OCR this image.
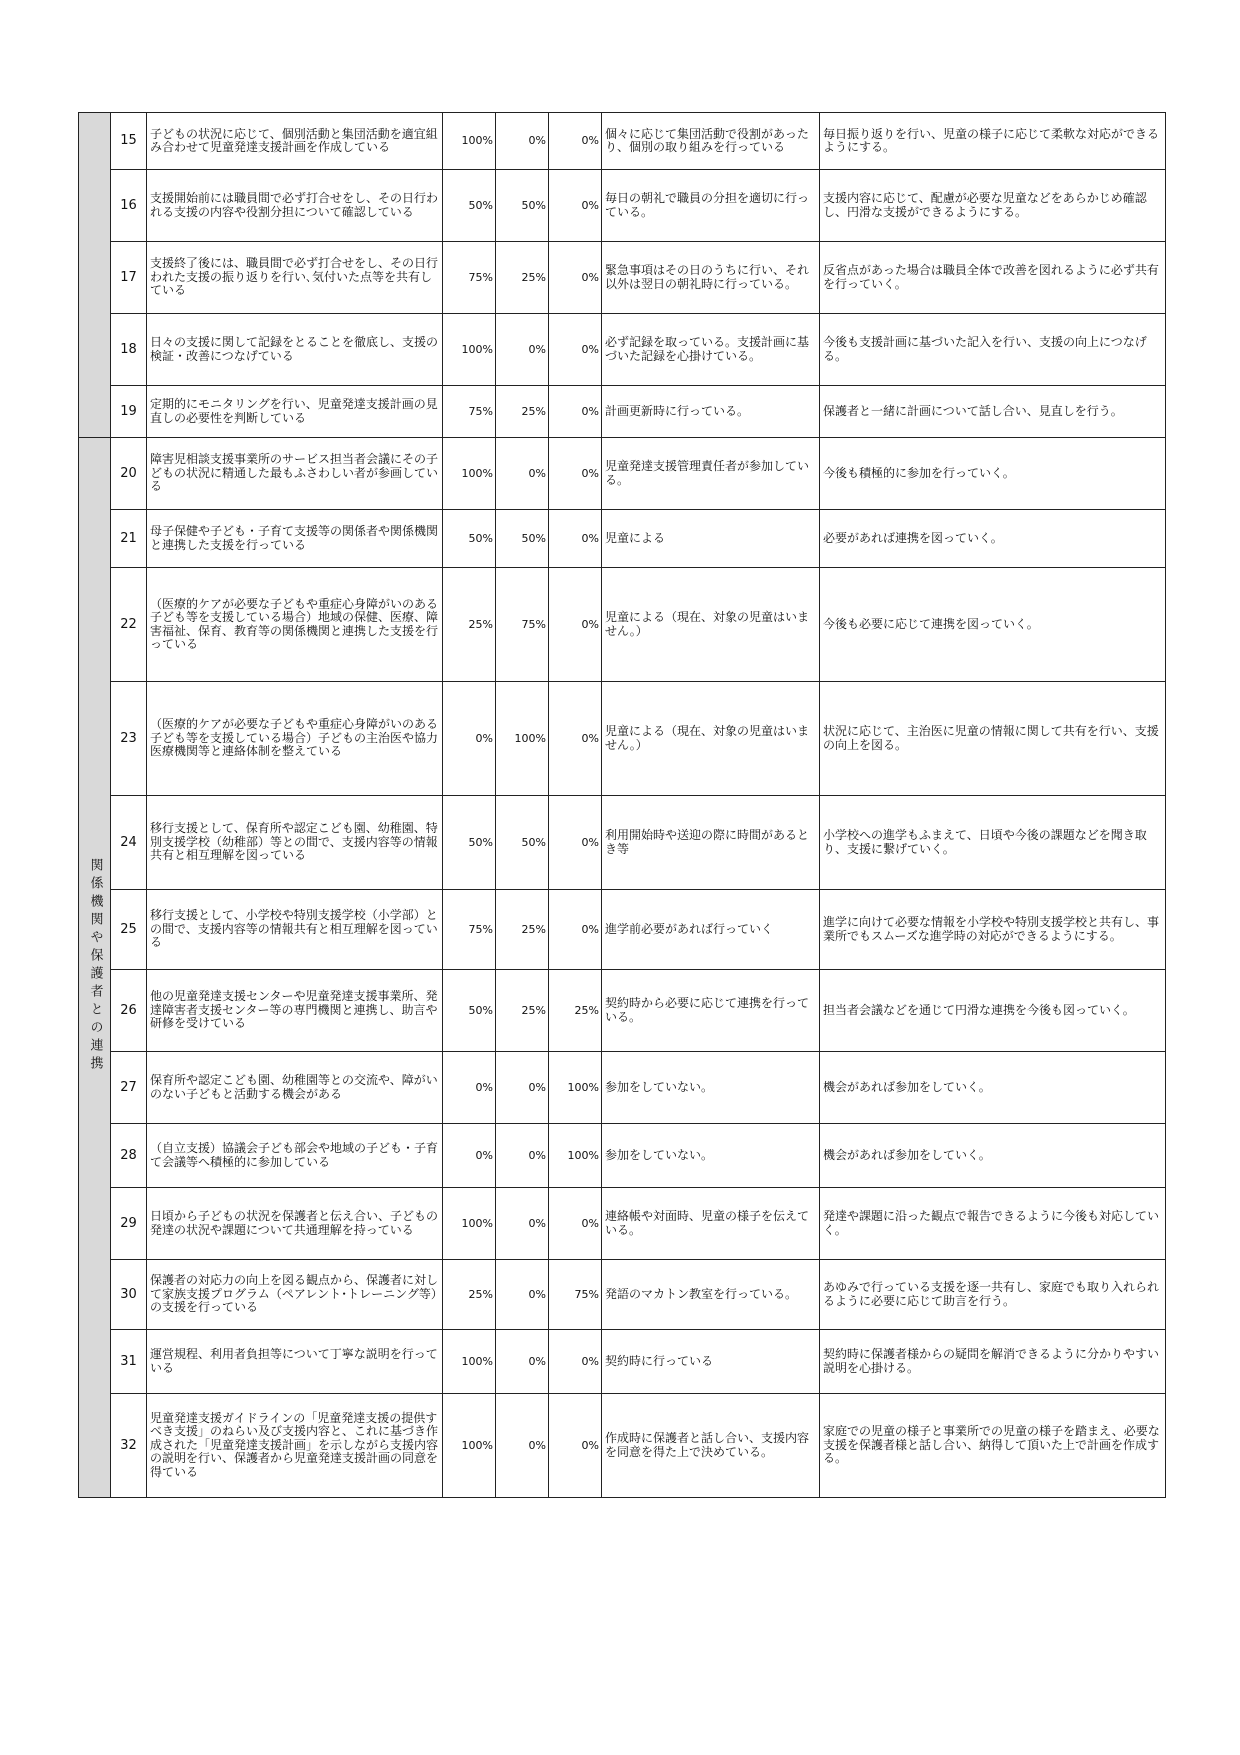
	15	子どもの状況に応じて、個別活動と集団活動を適宜組み合わせて児童発達支援計画を作成している	100%	0%	0%	個々に応じて集団活動で役割があったり、個別の取り組みを行っている	毎日振り返りを行い、児童の様子に応じて柔軟な対応ができるようにする。
	16	支援開始前には職員間で必ず打合せをし、その日行われる支援の内容や役割分担について確認している	50%	50%	0%	毎日の朝礼で職員の分担を適切に行っている。	支援内容に応じて、配慮が必要な児童などをあらかじめ確認し、円滑な支援ができるようにする。
	17	支援終了後には、職員間で必ず打合せをし、その日行われた支援の振り返りを行い､気付いた点等を共有している	75%	25%	0%	緊急事項はその日のうちに行い、それ以外は翌日の朝礼時に行っている。	反省点があった場合は職員全体で改善を図れるように必ず共有を行っていく。
	18	日々の支援に関して記録をとることを徹底し、支援の検証・改善につなげている	100%	0%	0%	必ず記録を取っている。支援計画に基づいた記録を心掛けている。	今後も支援計画に基づいた記入を行い、支援の向上につなげる。
	19	定期的にモニタリングを行い、児童発達支援計画の見直しの必要性を判断している	75%	25%	0%	計画更新時に行っている。	保護者と一緒に計画について話し合い、見直しを行う。
関係機関や保護者との連携	20	障害児相談支援事業所のサービス担当者会議にその子どもの状況に精通した最もふさわしい者が参画している	100%	0%	0%	児童発達支援管理責任者が参加している。	今後も積極的に参加を行っていく。
	21	母子保健や子ども・子育て支援等の関係者や関係機関と連携した支援を行っている	50%	50%	0%	児童による	必要があれば連携を図っていく。
	22	（医療的ケアが必要な子どもや重症心身障がいのある子ども等を支援している場合）地域の保健、医療、障害福祉、保育、教育等の関係機関と連携した支援を行っている	25%	75%	0%	児童による（現在、対象の児童はいません。）	今後も必要に応じて連携を図っていく。
	23	（医療的ケアが必要な子どもや重症心身障がいのある子ども等を支援している場合）子どもの主治医や協力医療機関等と連絡体制を整えている	0%	100%	0%	児童による（現在、対象の児童はいません。）	状況に応じて、主治医に児童の情報に関して共有を行い、支援の向上を図る。
	24	移行支援として、保育所や認定こども園、幼稚園、特別支援学校（幼稚部）等との間で、支援内容等の情報共有と相互理解を図っている	50%	50%	0%	利用開始時や送迎の際に時間があるとき等	小学校への進学もふまえて、日頃や今後の課題などを聞き取り、支援に繋げていく。
	25	移行支援として、小学校や特別支援学校（小学部）との間で、支援内容等の情報共有と相互理解を図っている	75%	25%	0%	進学前必要があれば行っていく	進学に向けて必要な情報を小学校や特別支援学校と共有し、事業所でもスムーズな進学時の対応ができるようにする。
	26	他の児童発達支援センターや児童発達支援事業所、発達障害者支援センター等の専門機関と連携し、助言や研修を受けている	50%	25%	25%	契約時から必要に応じて連携を行っている。	担当者会議などを通じて円滑な連携を今後も図っていく。
	27	保育所や認定こども園、幼稚園等との交流や、障がいのない子どもと活動する機会がある	0%	0%	100%	参加をしていない。	機会があれば参加をしていく。
	28	（自立支援）協議会子ども部会や地域の子ども・子育て会議等へ積極的に参加している	0%	0%	100%	参加をしていない。	機会があれば参加をしていく。
	29	日頃から子どもの状況を保護者と伝え合い、子どもの発達の状況や課題について共通理解を持っている	100%	0%	0%	連絡帳や対面時、児童の様子を伝えている。	発達や課題に沿った観点で報告できるように今後も対応していく。
	30	保護者の対応力の向上を図る観点から、保護者に対して家族支援プログラム（ペアレント･トレーニング等）の支援を行っている	25%	0%	75%	発語のマカトン教室を行っている。	あゆみで行っている支援を逐一共有し、家庭でも取り入れられるように必要に応じて助言を行う。
	31	運営規程、利用者負担等について丁寧な説明を行っている	100%	0%	0%	契約時に行っている	契約時に保護者様からの疑問を解消できるように分かりやすい説明を心掛ける。
	32	児童発達支援ガイドラインの「児童発達支援の提供すべき支援」のねらい及び支援内容と、これに基づき作成された「児童発達支援計画」を示しながら支援内容の説明を行い、保護者から児童発達支援計画の同意を得ている	100%	0%	0%	作成時に保護者と話し合い、支援内容を同意を得た上で決めている。	家庭での児童の様子と事業所での児童の様子を踏まえ、必要な支援を保護者様と話し合い、納得して頂いた上で計画を作成する。
